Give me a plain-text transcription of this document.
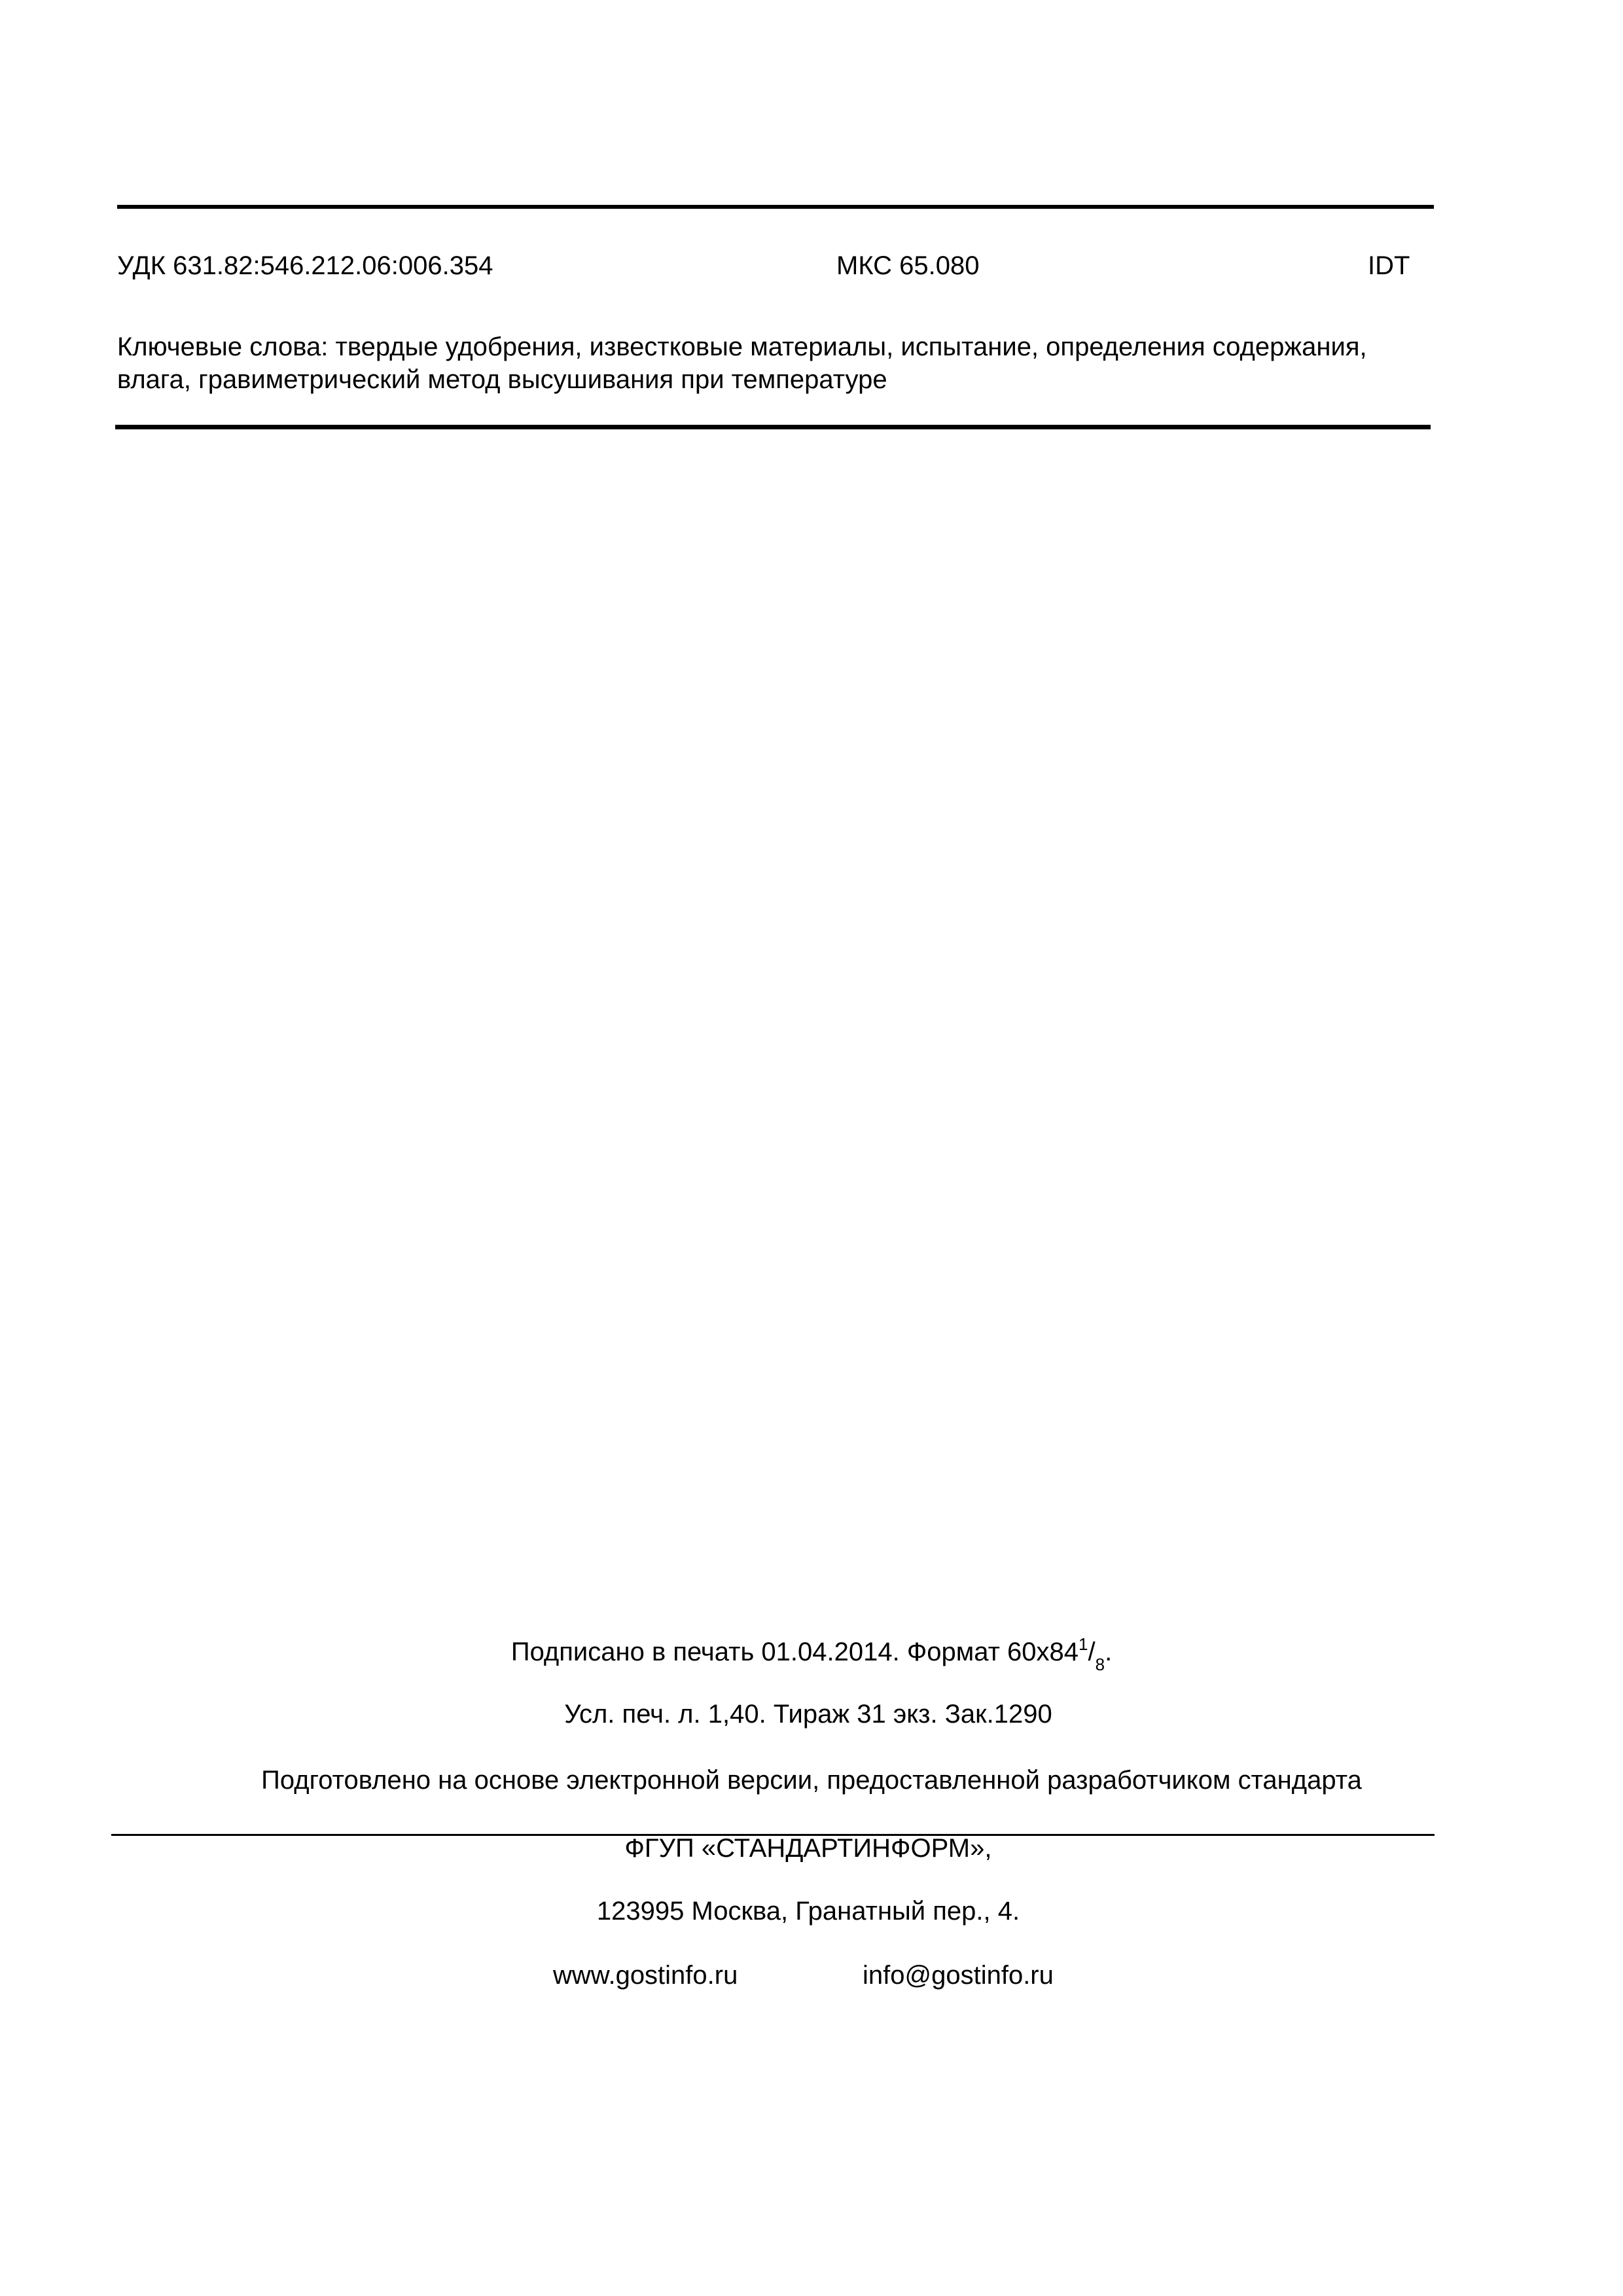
УДК 631.82:546.212.06:006.354	МКС 65.080	IDT
Ключевые слова: твердые удобрения, известковые материалы, испытание, определения содержания,
влага, гравиметрический метод высушивания при температуре
Подписано в печать 01.04.2014. Формат $60х84^1/_8$.
Усл. печ. л. 1,40. Тираж 31 экз. Зак.1290
Подготовлено на основе электронной версии, предоставленной разработчиком стандарта
ФГУП «СТАНДАРТИНФОРМ»,
123995 Москва, Гранатный пер., 4.
www.gostinfo.ru	info@gostinfo.ru
